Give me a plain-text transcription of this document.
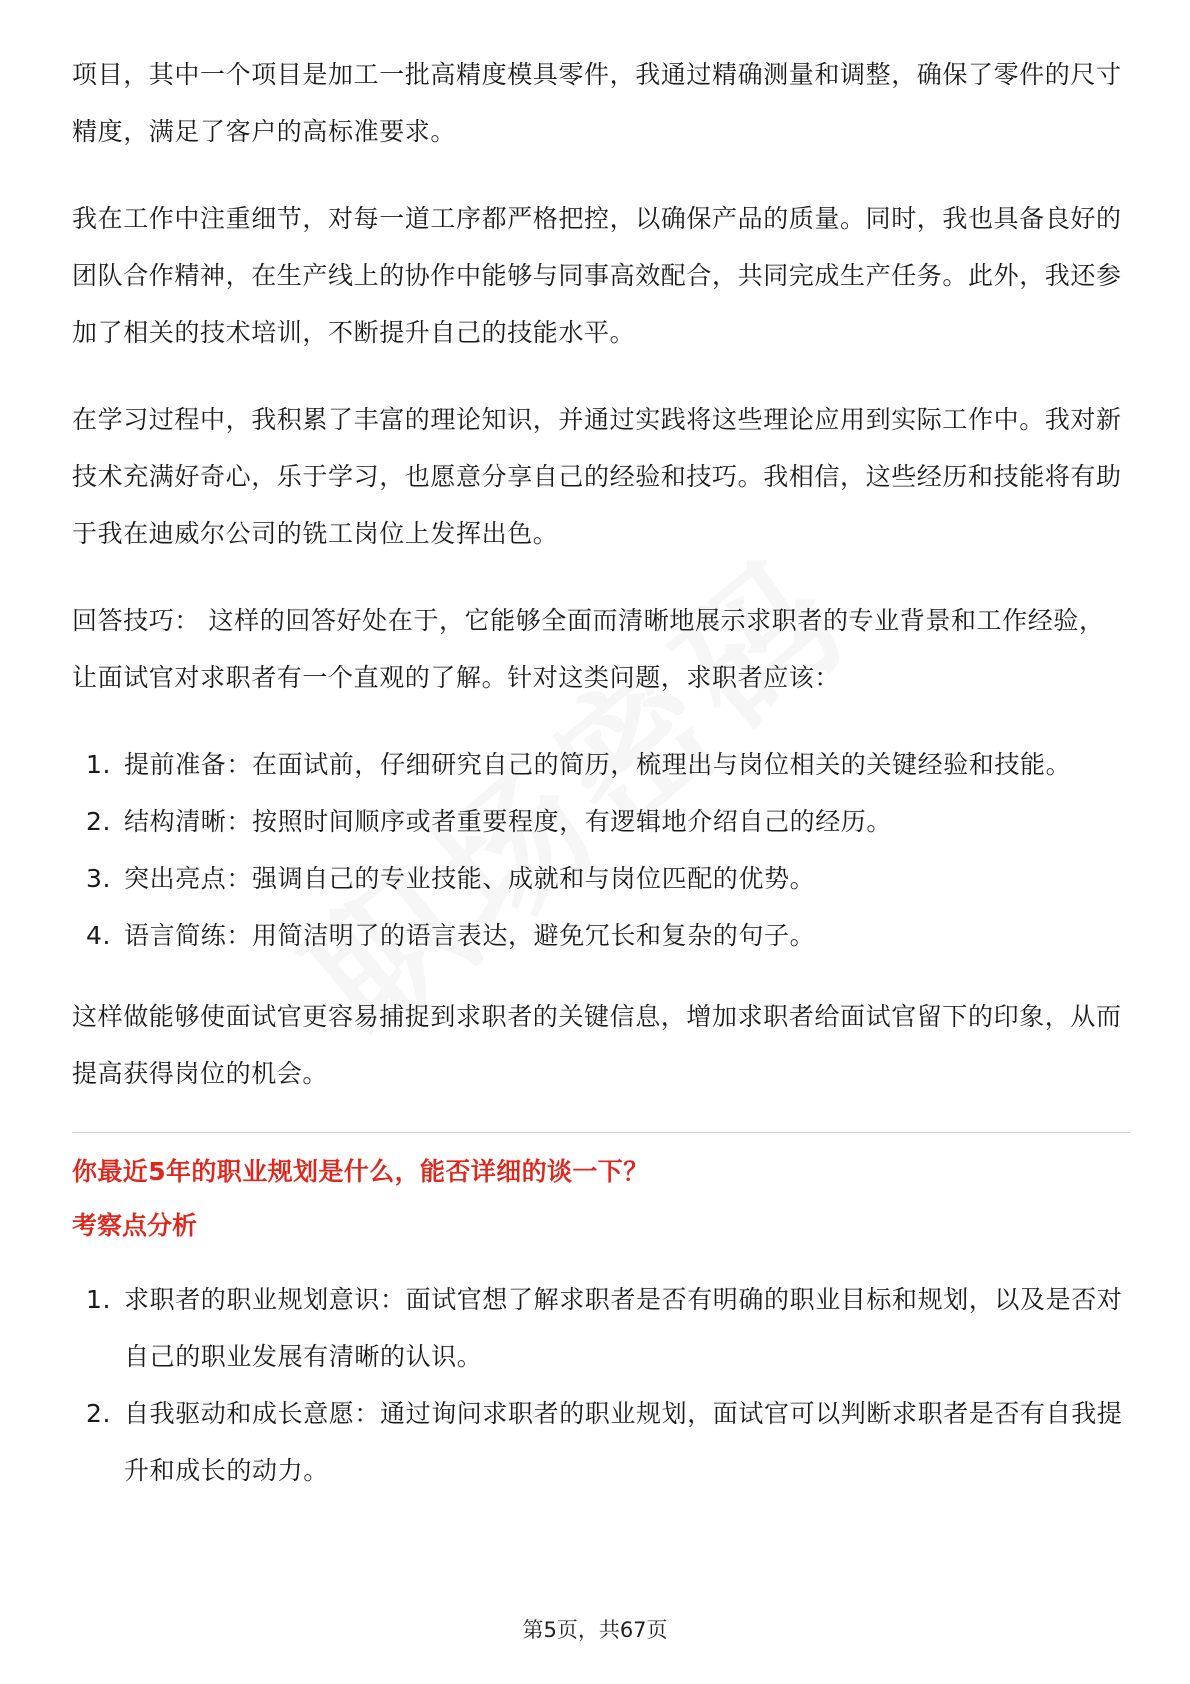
项目，其中一个项目是加工一批高精度模具零件，我通过精确测量和调整，确保了零件的尺寸精度，满足了客户的高标准要求。

我在工作中注重细节，对每一道工序都严格把控，以确保产品的质量。同时，我也具备良好的团队合作精神，在生产线上的协作中能够与同事高效配合，共同完成生产任务。此外，我还参加了相关的技术培训，不断提升自己的技能水平。

在学习过程中，我积累了丰富的理论知识，并通过实践将这些理论应用到实际工作中。我对新技术充满好奇心，乐于学习，也愿意分享自己的经验和技巧。我相信，这些经历和技能将有助于我在迪威尔公司的铣工岗位上发挥出色。

回答技巧： 这样的回答好处在于，它能够全面而清晰地展示求职者的专业背景和工作经验，让面试官对求职者有一个直观的了解。针对这类问题，求职者应该：

1. 提前准备：在面试前，仔细研究自己的简历，梳理出与岗位相关的关键经验和技能。
2. 结构清晰：按照时间顺序或者重要程度，有逻辑地介绍自己的经历。
3. 突出亮点：强调自己的专业技能、成就和与岗位匹配的优势。
4. 语言简练：用简洁明了的语言表达，避免冗长和复杂的句子。

这样做能够使面试官更容易捕捉到求职者的关键信息，增加求职者给面试官留下的印象，从而提高获得岗位的机会。

你最近5年的职业规划是什么，能否详细的谈一下？

考察点分析

1. 求职者的职业规划意识：面试官想了解求职者是否有明确的职业目标和规划，以及是否对自己的职业发展有清晰的认识。
2. 自我驱动和成长意愿：通过询问求职者的职业规划，面试官可以判断求职者是否有自我提升和成长的动力。
第5页，共67页
